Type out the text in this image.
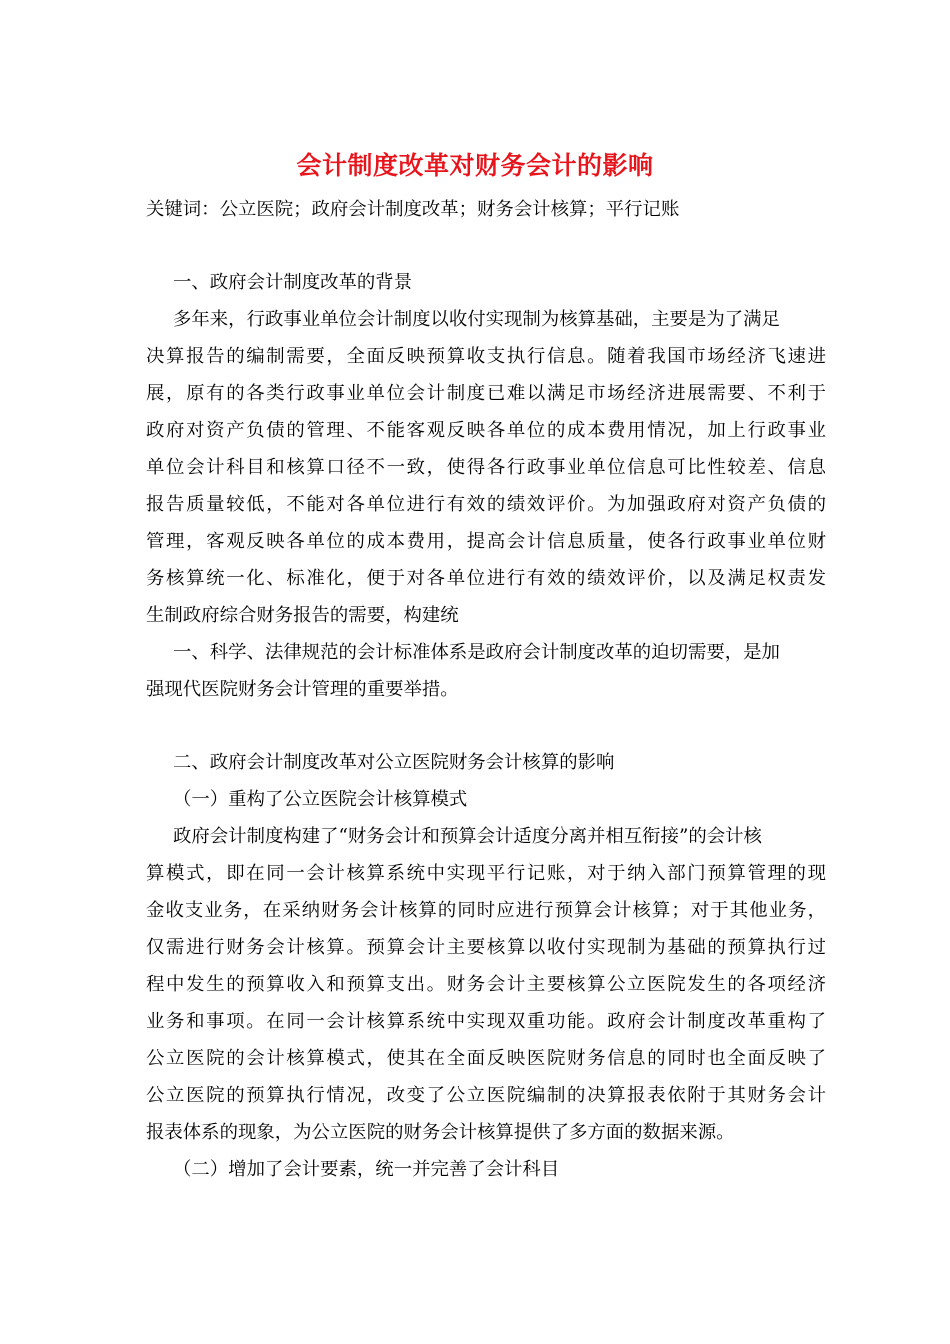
会计制度改革对财务会计的影响
关键词：公立医院；政府会计制度改革；财务会计核算；平行记账
一、政府会计制度改革的背景
多年来，行政事业单位会计制度以收付实现制为核算基础，主要是为了满足
决算报告的编制需要，全面反映预算收支执行信息。随着我国市场经济飞速进
展，原有的各类行政事业单位会计制度已难以满足市场经济进展需要、不利于
政府对资产负债的管理、不能客观反映各单位的成本费用情况，加上行政事业
单位会计科目和核算口径不一致，使得各行政事业单位信息可比性较差、信息
报告质量较低，不能对各单位进行有效的绩效评价。为加强政府对资产负债的
管理，客观反映各单位的成本费用，提高会计信息质量，使各行政事业单位财
务核算统一化、标准化，便于对各单位进行有效的绩效评价，以及满足权责发
生制政府综合财务报告的需要，构建统
一、科学、法律规范的会计标准体系是政府会计制度改革的迫切需要，是加
强现代医院财务会计管理的重要举措。
二、政府会计制度改革对公立医院财务会计核算的影响
（一）重构了公立医院会计核算模式
政府会计制度构建了“财务会计和预算会计适度分离并相互衔接”的会计核
算模式，即在同一会计核算系统中实现平行记账，对于纳入部门预算管理的现
金收支业务，在采纳财务会计核算的同时应进行预算会计核算；对于其他业务，
仅需进行财务会计核算。预算会计主要核算以收付实现制为基础的预算执行过
程中发生的预算收入和预算支出。财务会计主要核算公立医院发生的各项经济
业务和事项。在同一会计核算系统中实现双重功能。政府会计制度改革重构了
公立医院的会计核算模式，使其在全面反映医院财务信息的同时也全面反映了
公立医院的预算执行情况，改变了公立医院编制的决算报表依附于其财务会计
报表体系的现象，为公立医院的财务会计核算提供了多方面的数据来源。
（二）增加了会计要素，统一并完善了会计科目
